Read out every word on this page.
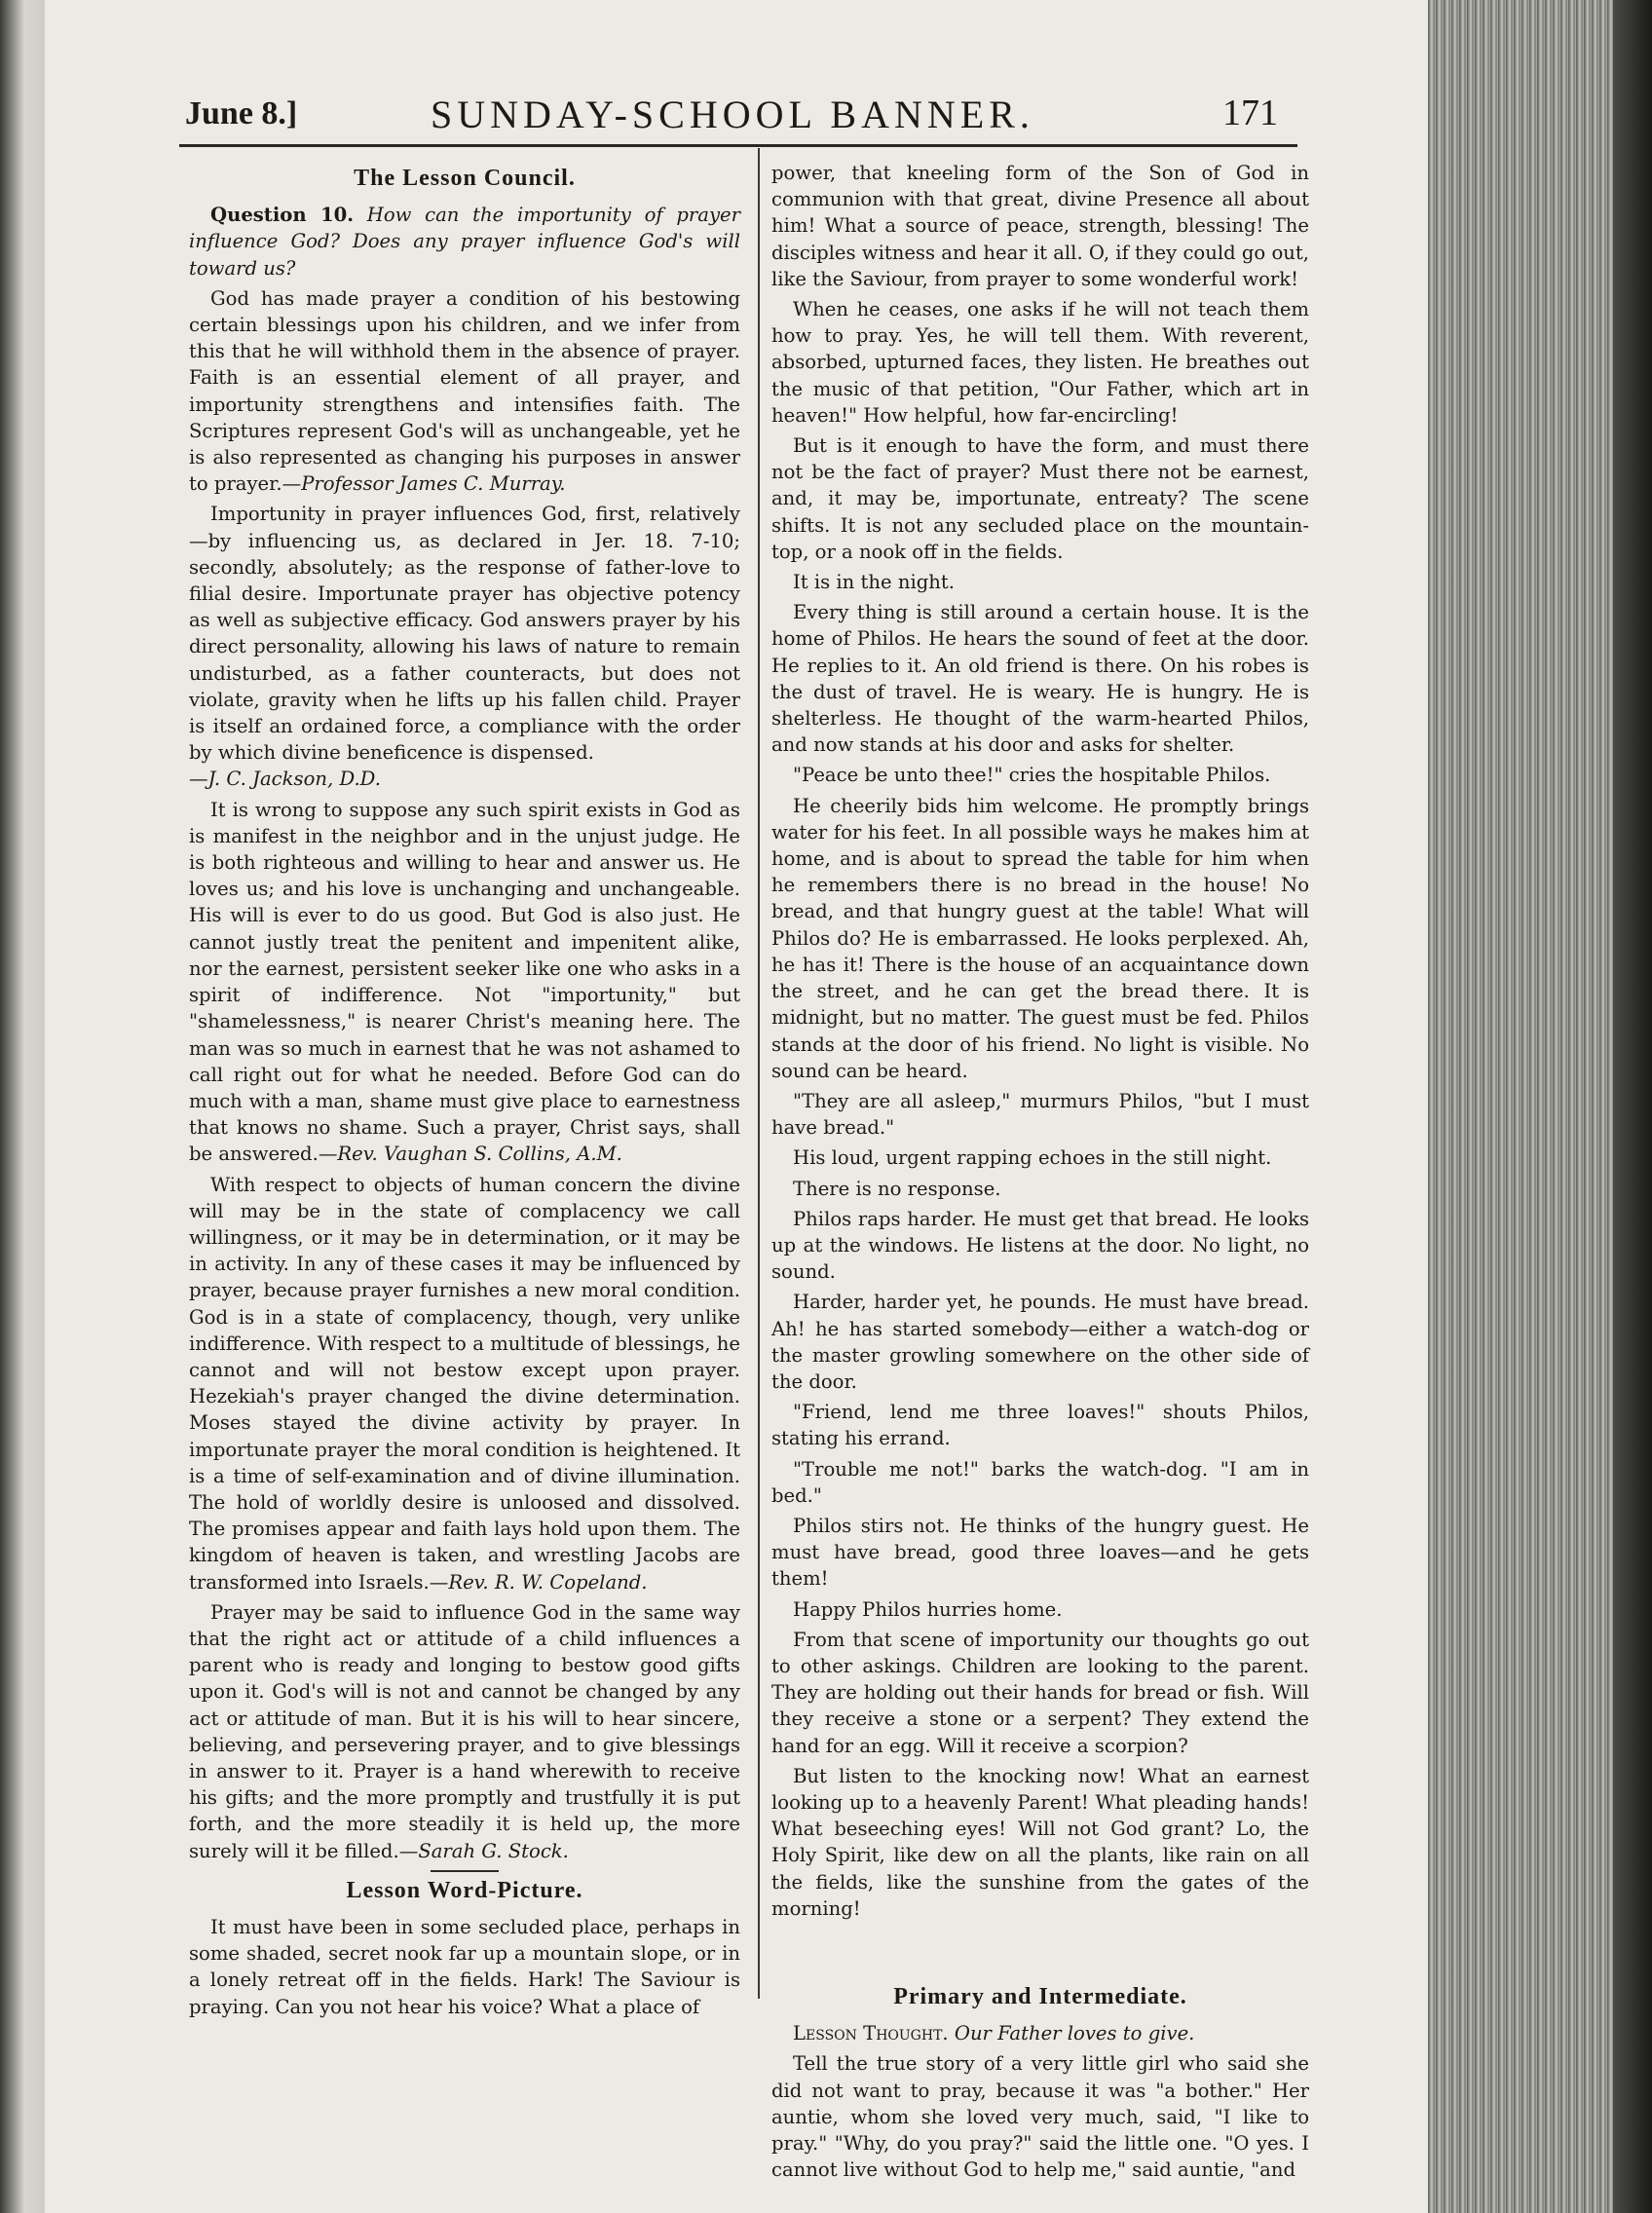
June 8.]	SUNDAY-SCHOOL BANNER.	171
The Lesson Council.

Question 10. How can the importunity of prayer influence God? Does any prayer influence God's will toward us?

God has made prayer a condition of his bestowing certain blessings upon his children, and we infer from this that he will withhold them in the absence of prayer. Faith is an essential element of all prayer, and importunity strengthens and intensifies faith. The Scriptures represent God's will as unchangeable, yet he is also represented as changing his purposes in answer to prayer.—Professor James C. Murray.

Importunity in prayer influences God, first, relatively —by influencing us, as declared in Jer. 18. 7-10; secondly, absolutely; as the response of father-love to filial desire. Importunate prayer has objective potency as well as subjective efficacy. God answers prayer by his direct personality, allowing his laws of nature to remain undisturbed, as a father counteracts, but does not violate, gravity when he lifts up his fallen child. Prayer is itself an ordained force, a compliance with the order by which divine beneficence is dispensed.
—J. C. Jackson, D.D.

It is wrong to suppose any such spirit exists in God as is manifest in the neighbor and in the unjust judge. He is both righteous and willing to hear and answer us. He loves us; and his love is unchanging and unchangeable. His will is ever to do us good. But God is also just. He cannot justly treat the penitent and impenitent alike, nor the earnest, persistent seeker like one who asks in a spirit of indifference. Not "importunity," but "shamelessness," is nearer Christ's meaning here. The man was so much in earnest that he was not ashamed to call right out for what he needed. Before God can do much with a man, shame must give place to earnestness that knows no shame. Such a prayer, Christ says, shall be answered.—Rev. Vaughan S. Collins, A.M.

With respect to objects of human concern the divine will may be in the state of complacency we call willingness, or it may be in determination, or it may be in activity. In any of these cases it may be influenced by prayer, because prayer furnishes a new moral condition. God is in a state of complacency, though, very unlike indifference. With respect to a multitude of blessings, he cannot and will not bestow except upon prayer. Hezekiah's prayer changed the divine determination. Moses stayed the divine activity by prayer. In importunate prayer the moral condition is heightened. It is a time of self-examination and of divine illumination. The hold of worldly desire is unloosed and dissolved. The promises appear and faith lays hold upon them. The kingdom of heaven is taken, and wrestling Jacobs are transformed into Israels.—Rev. R. W. Copeland.

Prayer may be said to influence God in the same way that the right act or attitude of a child influences a parent who is ready and longing to bestow good gifts upon it. God's will is not and cannot be changed by any act or attitude of man. But it is his will to hear sincere, believing, and persevering prayer, and to give blessings in answer to it. Prayer is a hand wherewith to receive his gifts; and the more promptly and trustfully it is put forth, and the more steadily it is held up, the more surely will it be filled.—Sarah G. Stock.

Lesson Word-Picture.

It must have been in some secluded place, perhaps in some shaded, secret nook far up a mountain slope, or in a lonely retreat off in the fields. Hark! The Saviour is praying. Can you not hear his voice? What a place of

power, that kneeling form of the Son of God in communion with that great, divine Presence all about him! What a source of peace, strength, blessing! The disciples witness and hear it all. O, if they could go out, like the Saviour, from prayer to some wonderful work!

When he ceases, one asks if he will not teach them how to pray. Yes, he will tell them. With reverent, absorbed, upturned faces, they listen. He breathes out the music of that petition, "Our Father, which art in heaven!" How helpful, how far-encircling!

But is it enough to have the form, and must there not be the fact of prayer? Must there not be earnest, and, it may be, importunate, entreaty? The scene shifts. It is not any secluded place on the mountain-top, or a nook off in the fields.

It is in the night.

Every thing is still around a certain house. It is the home of Philos. He hears the sound of feet at the door. He replies to it. An old friend is there. On his robes is the dust of travel. He is weary. He is hungry. He is shelterless. He thought of the warm-hearted Philos, and now stands at his door and asks for shelter.

"Peace be unto thee!" cries the hospitable Philos.

He cheerily bids him welcome. He promptly brings water for his feet. In all possible ways he makes him at home, and is about to spread the table for him when he remembers there is no bread in the house! No bread, and that hungry guest at the table! What will Philos do? He is embarrassed. He looks perplexed. Ah, he has it! There is the house of an acquaintance down the street, and he can get the bread there. It is midnight, but no matter. The guest must be fed. Philos stands at the door of his friend. No light is visible. No sound can be heard.

"They are all asleep," murmurs Philos, "but I must have bread."

His loud, urgent rapping echoes in the still night.

There is no response.

Philos raps harder. He must get that bread. He looks up at the windows. He listens at the door. No light, no sound.

Harder, harder yet, he pounds. He must have bread. Ah! he has started somebody—either a watch-dog or the master growling somewhere on the other side of the door.

"Friend, lend me three loaves!" shouts Philos, stating his errand.

"Trouble me not!" barks the watch-dog. "I am in bed."

Philos stirs not. He thinks of the hungry guest. He must have bread, good three loaves—and he gets them!

Happy Philos hurries home.

From that scene of importunity our thoughts go out to other askings. Children are looking to the parent. They are holding out their hands for bread or fish. Will they receive a stone or a serpent? They extend the hand for an egg. Will it receive a scorpion?

But listen to the knocking now! What an earnest looking up to a heavenly Parent! What pleading hands! What beseeching eyes! Will not God grant? Lo, the Holy Spirit, like dew on all the plants, like rain on all the fields, like the sunshine from the gates of the morning!

Primary and Intermediate.

Lesson Thought. Our Father loves to give.

Tell the true story of a very little girl who said she did not want to pray, because it was "a bother." Her auntie, whom she loved very much, said, "I like to pray." "Why, do you pray?" said the little one. "O yes. I cannot live without God to help me," said auntie, "and
